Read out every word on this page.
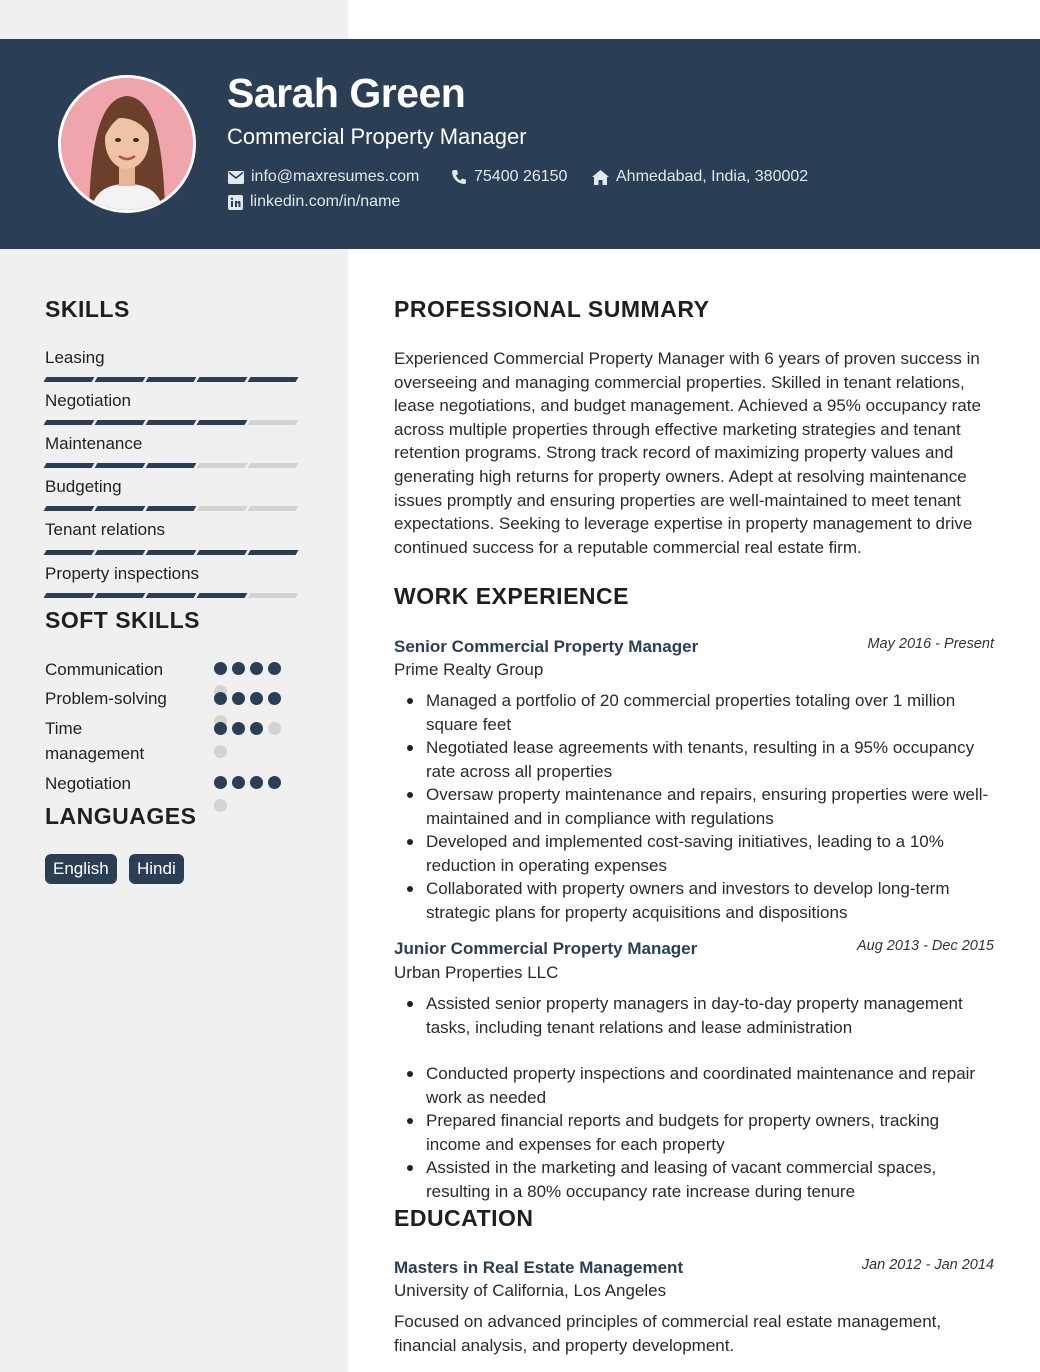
Sarah Green
Commercial Property Manager
info@maxresumes.com	75400 26150	Ahmedabad, India, 380002
linkedin.com/in/name
SKILLS
Leasing
Negotiation
Maintenance
Budgeting
Tenant relations
Property inspections
SOFT SKILLS
Communication
Problem-solving
Time management
Negotiation
LANGUAGES
English	Hindi
PROFESSIONAL SUMMARY
Experienced Commercial Property Manager with 6 years of proven success in overseeing and managing commercial properties. Skilled in tenant relations, lease negotiations, and budget management. Achieved a 95% occupancy rate across multiple properties through effective marketing strategies and tenant retention programs. Strong track record of maximizing property values and generating high returns for property owners. Adept at resolving maintenance issues promptly and ensuring properties are well-maintained to meet tenant expectations. Seeking to leverage expertise in property management to drive continued success for a reputable commercial real estate firm.
WORK EXPERIENCE
Senior Commercial Property Manager	May 2016 - Present
Prime Realty Group
Managed a portfolio of 20 commercial properties totaling over 1 million square feet
Negotiated lease agreements with tenants, resulting in a 95% occupancy rate across all properties
Oversaw property maintenance and repairs, ensuring properties were well-maintained and in compliance with regulations
Developed and implemented cost-saving initiatives, leading to a 10% reduction in operating expenses
Collaborated with property owners and investors to develop long-term strategic plans for property acquisitions and dispositions
Junior Commercial Property Manager	Aug 2013 - Dec 2015
Urban Properties LLC
Assisted senior property managers in day-to-day property management tasks, including tenant relations and lease administration
Conducted property inspections and coordinated maintenance and repair work as needed
Prepared financial reports and budgets for property owners, tracking income and expenses for each property
Assisted in the marketing and leasing of vacant commercial spaces, resulting in a 80% occupancy rate increase during tenure
EDUCATION
Masters in Real Estate Management	Jan 2012 - Jan 2014
University of California, Los Angeles
Focused on advanced principles of commercial real estate management, financial analysis, and property development.
